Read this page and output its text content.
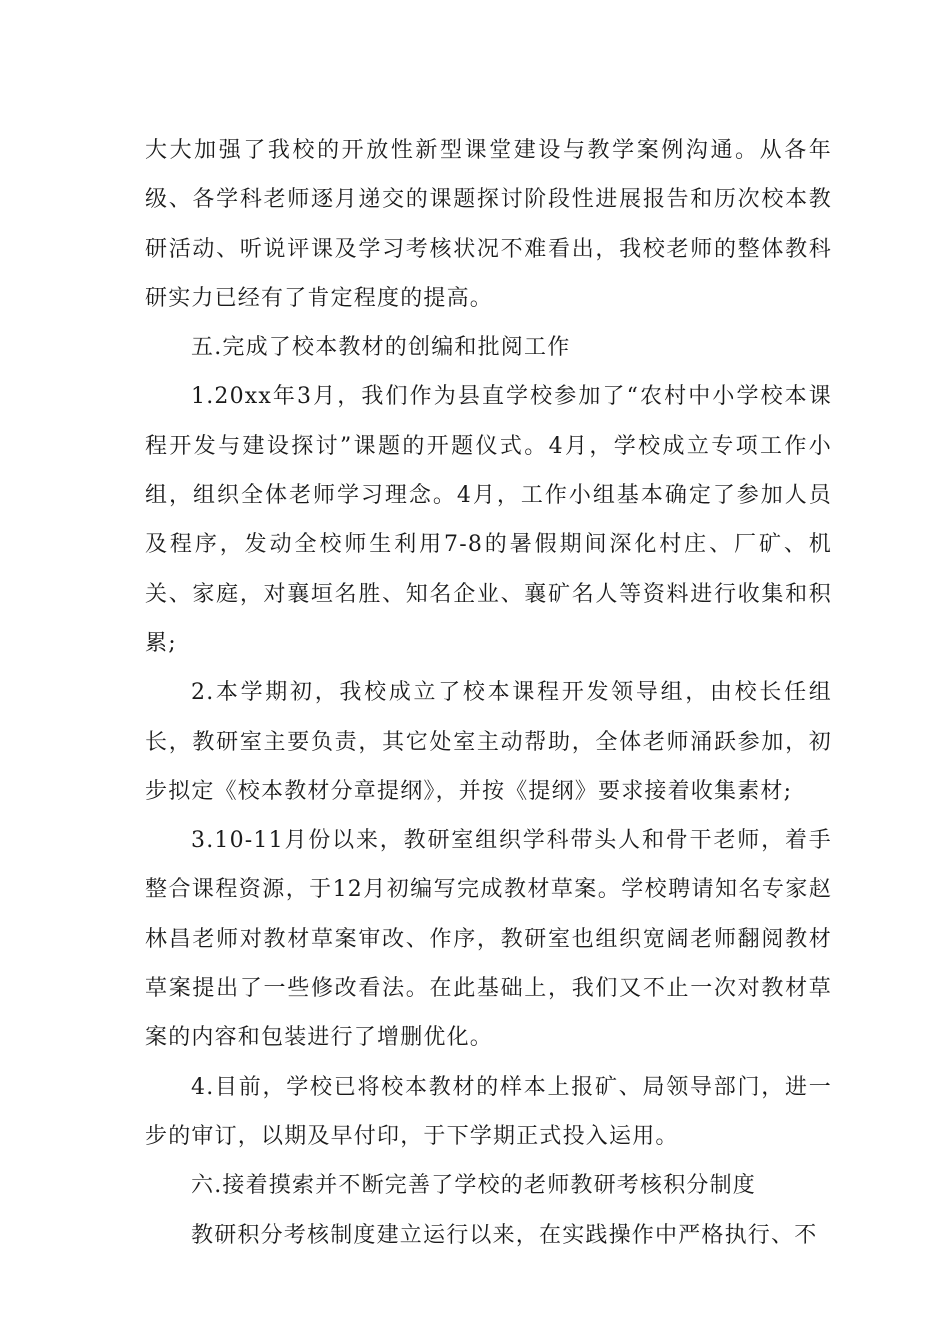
大大加强了我校的开放性新型课堂建设与教学案例沟通。从各年级、各学科老师逐月递交的课题探讨阶段性进展报告和历次校本教研活动、听说评课及学习考核状况不难看出，我校老师的整体教科研实力已经有了肯定程度的提高。

五.完成了校本教材的创编和批阅工作

1.20xx年3月，我们作为县直学校参加了“农村中小学校本课程开发与建设探讨”课题的开题仪式。4月，学校成立专项工作小组，组织全体老师学习理念。4月，工作小组基本确定了参加人员及程序，发动全校师生利用7-8的暑假期间深化村庄、厂矿、机关、家庭，对襄垣名胜、知名企业、襄矿名人等资料进行收集和积累;

2.本学期初，我校成立了校本课程开发领导组，由校长任组长，教研室主要负责，其它处室主动帮助，全体老师涌跃参加，初步拟定《校本教材分章提纲》，并按《提纲》要求接着收集素材;

3.10-11月份以来，教研室组织学科带头人和骨干老师，着手整合课程资源，于12月初编写完成教材草案。学校聘请知名专家赵林昌老师对教材草案审改、作序，教研室也组织宽阔老师翻阅教材草案提出了一些修改看法。在此基础上，我们又不止一次对教材草案的内容和包装进行了增删优化。

4.目前，学校已将校本教材的样本上报矿、局领导部门，进一步的审订，以期及早付印，于下学期正式投入运用。

六.接着摸索并不断完善了学校的老师教研考核积分制度

教研积分考核制度建立运行以来，在实践操作中严格执行、不
